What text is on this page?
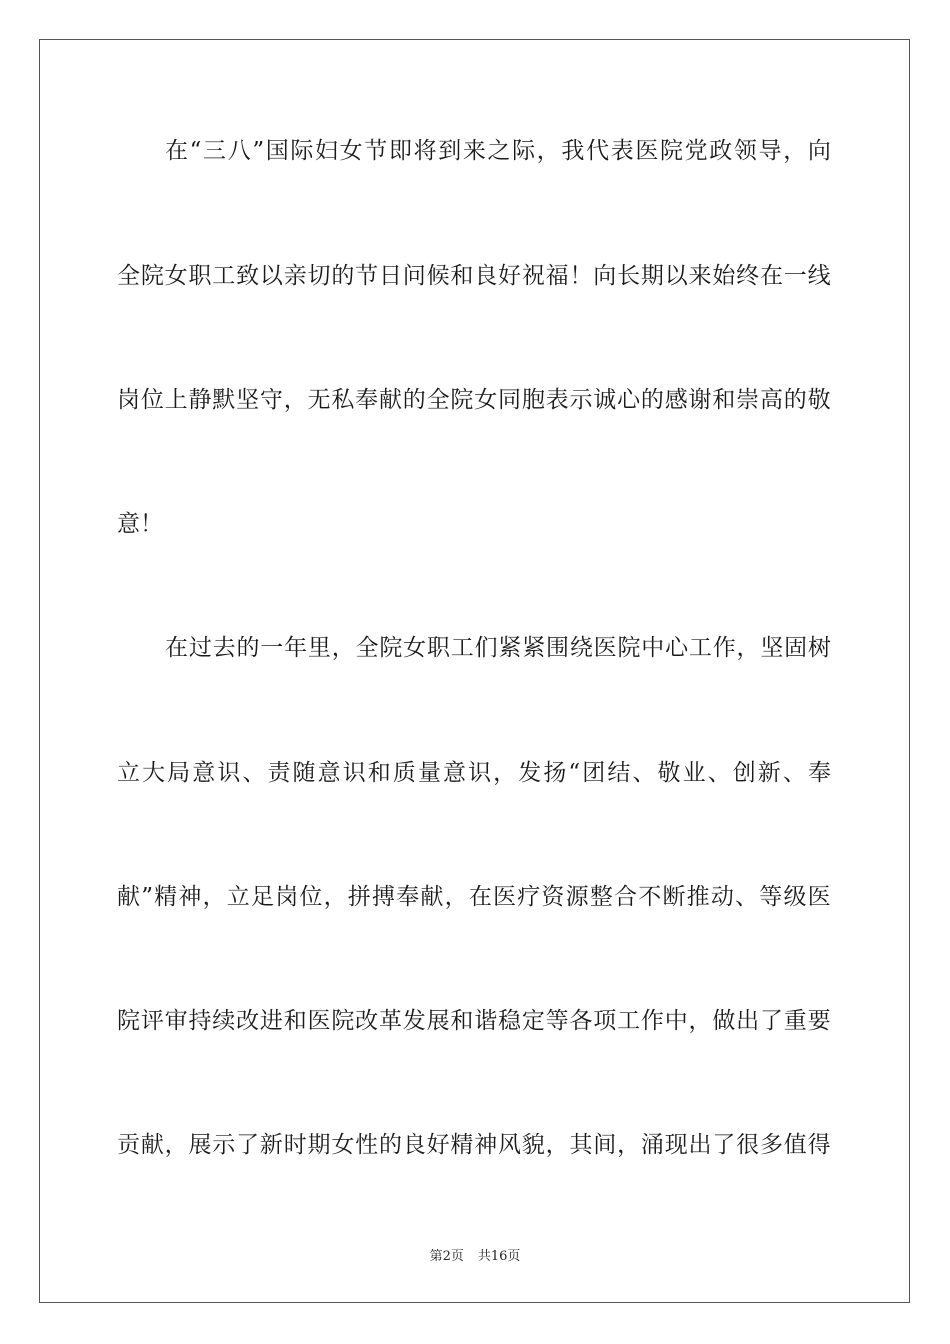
在 “ 三 八 ” 国 际 妇 女 节 即 将 到 来 之 际 ， 我 代 表 医 院 党 政 领 导 ， 向

全 院 女 职 工 致 以 亲 切 的 节 日 问 候 和 良 好 祝 福 ！ 向 长 期 以 来 始 终 在 一 线

岗 位 上 静 默 坚 守 ， 无 私 奉 献 的 全 院 女 同 胞 表 示 诚 心 的 感 谢 和 崇 高 的 敬

意 ！

在 过 去 的 一 年 里 ， 全 院 女 职 工 们 紧 紧 围 绕 医 院 中 心 工 作 ， 坚 固 树

立 大 局 意 识 、 责 随 意 识 和 质 量 意 识 ， 发 扬 “ 团 结 、 敬 业 、 创 新 、 奉

献 ” 精 神 ， 立 足 岗 位 ， 拼 搏 奉 献 ， 在 医 疗 资 源 整 合 不 断 推 动 、 等 级 医

院 评 审 持 续 改 进 和 医 院 改 革 发 展 和 谐 稳 定 等 各 项 工 作 中 ， 做 出 了 重 要

贡 献 ， 展 示 了 新 时 期 女 性 的 良 好 精 神 风 貌 ， 其 间 ， 涌 现 出 了 很 多 值 得

第2页 共16页
